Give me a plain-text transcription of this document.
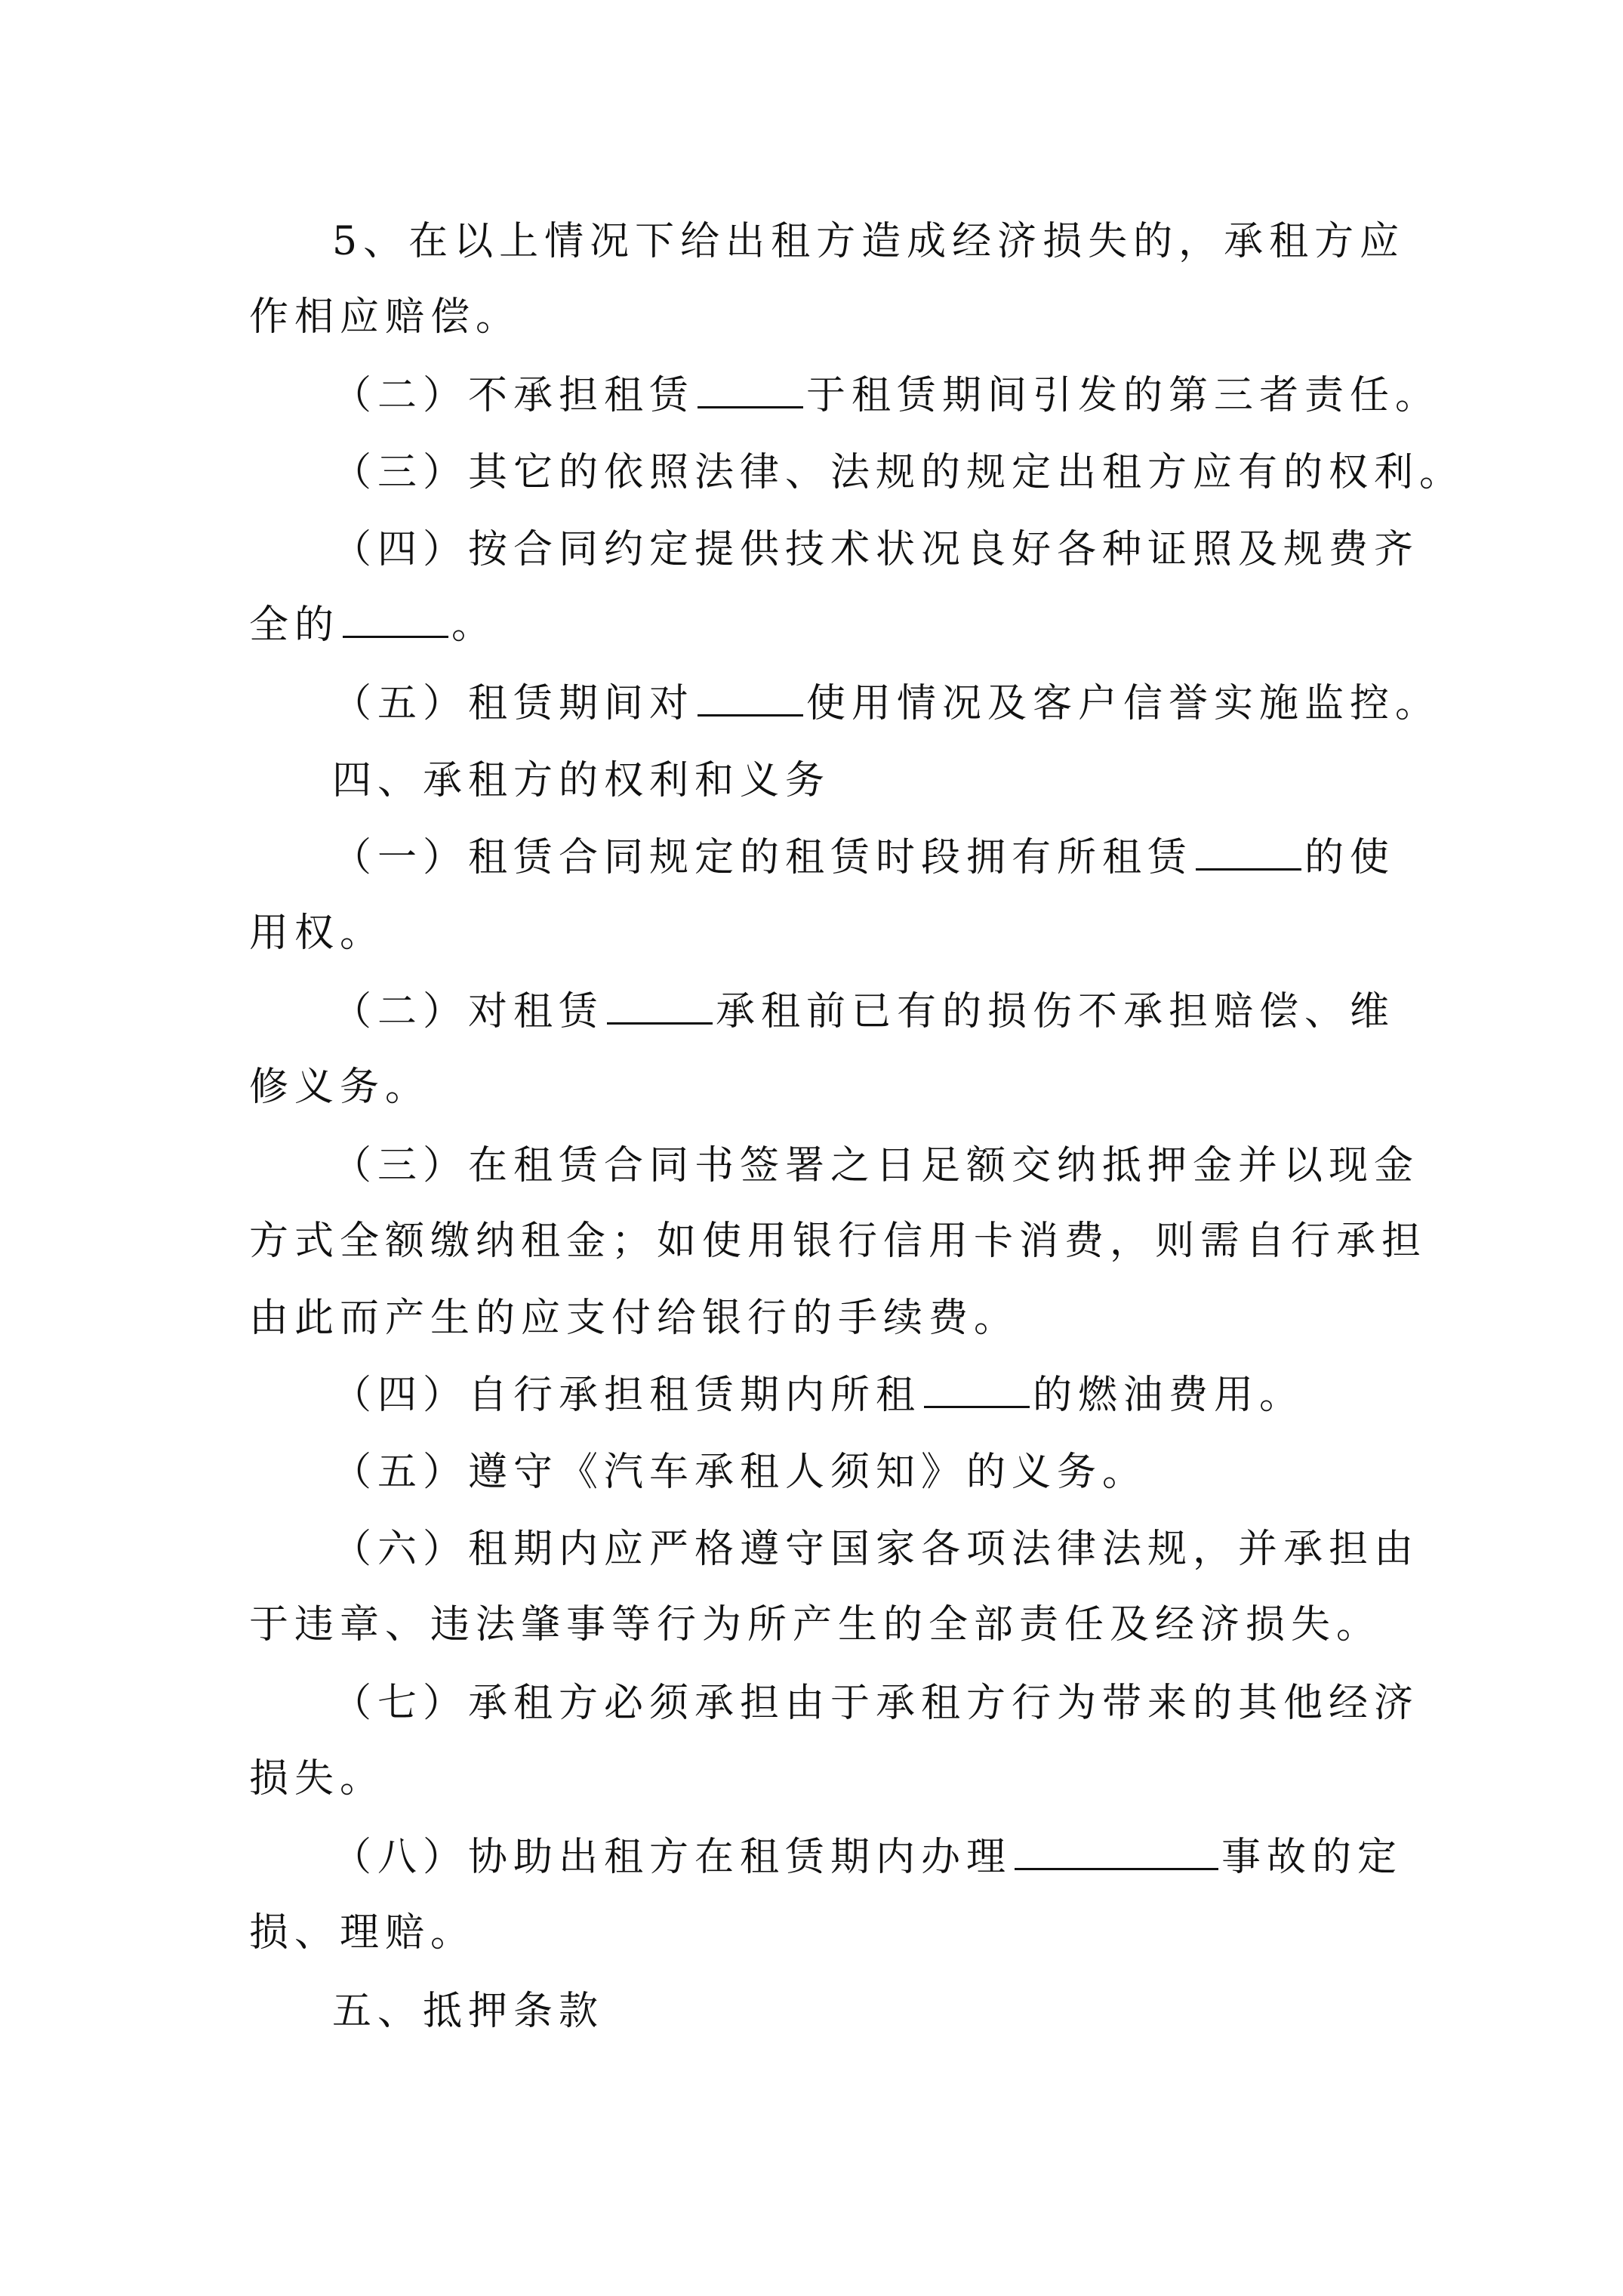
5、在以上情况下给出租方造成经济损失的，承租方应
作相应赔偿。
（二）不承担租赁	于租赁期间引发的第三者责任。
（三）其它的依照法律、法规的规定出租方应有的权利。
（四）按合同约定提供技术状况良好各种证照及规费齐
全的	。
（五）租赁期间对	使用情况及客户信誉实施监控。
四、承租方的权利和义务
（一）租赁合同规定的租赁时段拥有所租赁	的使
用权。
（二）对租赁	承租前已有的损伤不承担赔偿、维
修义务。
（三）在租赁合同书签署之日足额交纳抵押金并以现金
方式全额缴纳租金；如使用银行信用卡消费，则需自行承担
由此而产生的应支付给银行的手续费。
（四）自行承担租赁期内所租	的燃油费用。
（五）遵守《汽车承租人须知》的义务。
（六）租期内应严格遵守国家各项法律法规，并承担由
于违章、违法肇事等行为所产生的全部责任及经济损失。
（七）承租方必须承担由于承租方行为带来的其他经济
损失。
（八）协助出租方在租赁期内办理	事故的定
损、理赔。
五、抵押条款
